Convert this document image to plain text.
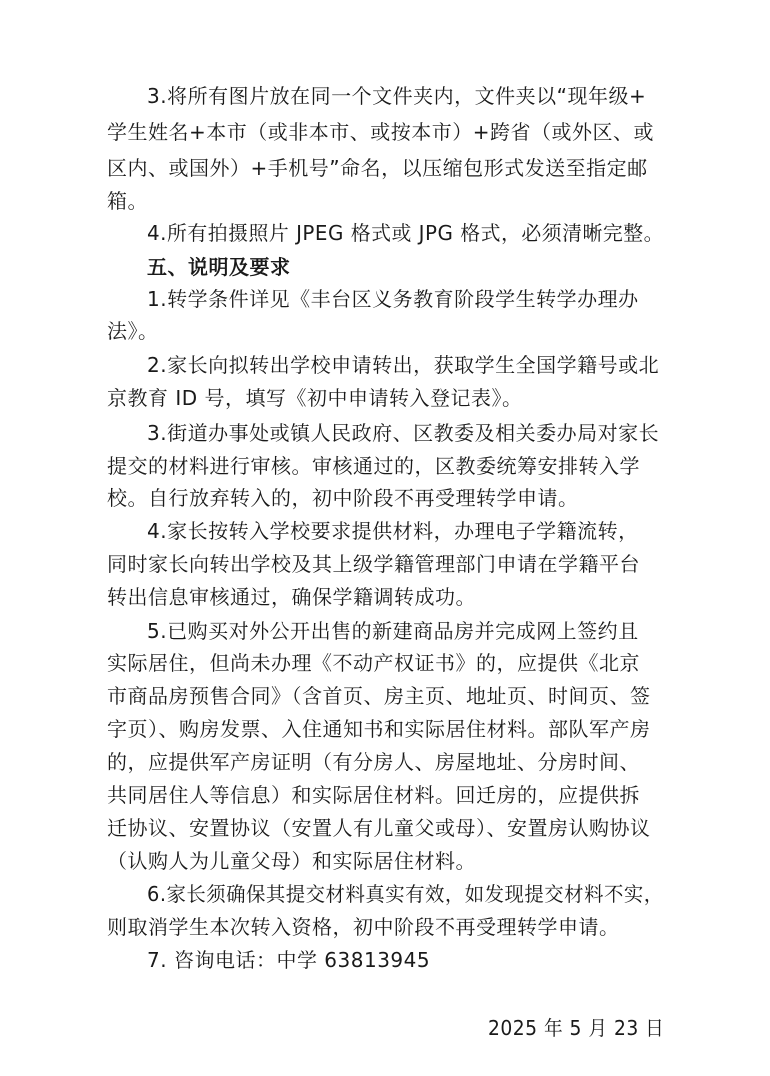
3.将所有图片放在同一个文件夹内，文件夹以“现年级+
学生姓名+本市（或非本市、或按本市）+跨省（或外区、或
区内、或国外）+手机号”命名，以压缩包形式发送至指定邮
箱。
4.所有拍摄照片 JPEG 格式或 JPG 格式，必须清晰完整。
五、说明及要求
1.转学条件详见《丰台区义务教育阶段学生转学办理办
法》。
2.家长向拟转出学校申请转出，获取学生全国学籍号或北
京教育 ID 号，填写《初中申请转入登记表》。
3.街道办事处或镇人民政府、区教委及相关委办局对家长
提交的材料进行审核。审核通过的，区教委统筹安排转入学
校。自行放弃转入的，初中阶段不再受理转学申请。
4.家长按转入学校要求提供材料，办理电子学籍流转，
同时家长向转出学校及其上级学籍管理部门申请在学籍平台
转出信息审核通过，确保学籍调转成功。
5.已购买对外公开出售的新建商品房并完成网上签约且
实际居住，但尚未办理《不动产权证书》的，应提供《北京
市商品房预售合同》（含首页、房主页、地址页、时间页、签
字页）、购房发票、入住通知书和实际居住材料。部队军产房
的，应提供军产房证明（有分房人、房屋地址、分房时间、
共同居住人等信息）和实际居住材料。回迁房的，应提供拆
迁协议、安置协议（安置人有儿童父或母）、安置房认购协议
（认购人为儿童父母）和实际居住材料。
6.家长须确保其提交材料真实有效，如发现提交材料不实，
则取消学生本次转入资格，初中阶段不再受理转学申请。
7. 咨询电话：中学 63813945
2025 年 5 月 23 日
